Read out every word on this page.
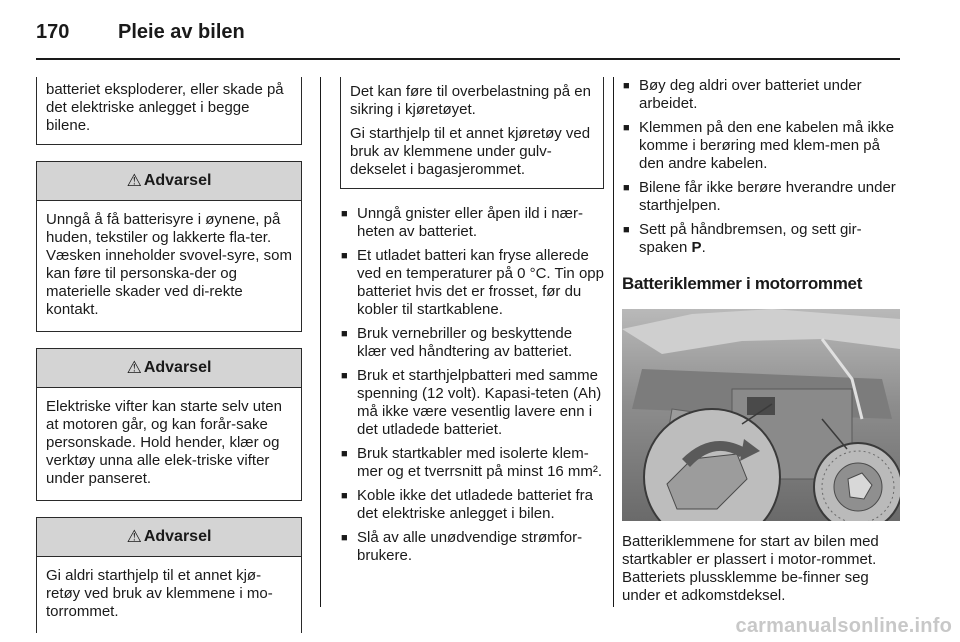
170 Pleie av bilen

batteriet eksploderer, eller skade på det elektriske anlegget i begge bilene.

⚠ Advarsel
Unngå å få batterisyre i øynene, på huden, tekstiler og lakkerte fla-ter. Væsken inneholder svovel-syre, som kan føre til personska-der og materielle skader ved di-rekte kontakt.
⚠ Advarsel
Elektriske vifter kan starte selv uten at motoren går, og kan forår-sake personskade. Hold hender, klær og verktøy unna alle elek-triske vifter under panseret.
⚠ Advarsel
Gi aldri starthjelp til et annet kjø-retøy ved bruk av klemmene i mo-torrommet.

Det kan føre til overbelastning på en sikring i kjøretøyet.

Gi starthjelp til et annet kjøretøy ved bruk av klemmene under gulv-dekselet i bagasjerommet.

■ Unngå gnister eller åpen ild i nær-heten av batteriet.
■ Et utladet batteri kan fryse allerede ved en temperaturer på 0 °C. Tin opp batteriet hvis det er frosset, før du kobler til startkablene.
■ Bruk vernebriller og beskyttende klær ved håndtering av batteriet.
■ Bruk et starthjelpbatteri med samme spenning (12 volt). Kapasi-teten (Ah) må ikke være vesentlig lavere enn i det utladede batteriet.
■ Bruk startkabler med isolerte klem-mer og et tverrsnitt på minst 16 mm².
■ Koble ikke det utladede batteriet fra det elektriske anlegget i bilen.
■ Slå av alle unødvendige strømfor-brukere.
■ Bøy deg aldri over batteriet under arbeidet.
■ Klemmen på den ene kabelen må ikke komme i berøring med klem-men på den andre kabelen.
■ Bilene får ikke berøre hverandre under starthjelpen.
■ Sett på håndbremsen, og sett gir-spaken P.
Batteriklemmer i motorrommet
Batteriklemmene for start av bilen med startkabler er plassert i motor-rommet. Batteriets plussklemme be-finner seg under et adkomstdeksel.
carmanualsonline.info
